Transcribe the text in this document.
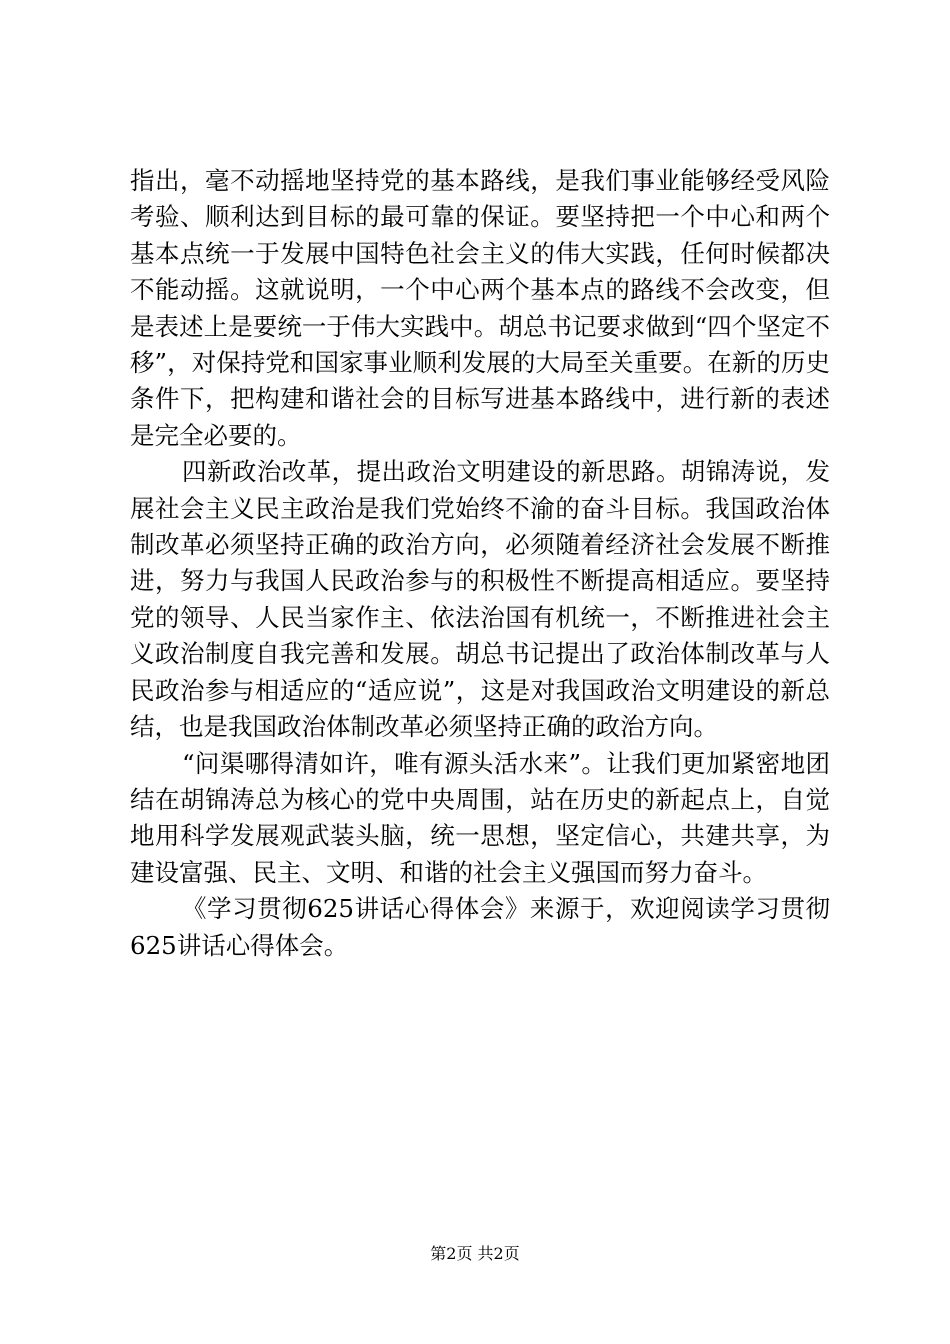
指出，毫不动摇地坚持党的基本路线，是我们事业能够经受风险考验、顺利达到目标的最可靠的保证。要坚持把一个中心和两个基本点统一于发展中国特色社会主义的伟大实践，任何时候都决不能动摇。这就说明，一个中心两个基本点的路线不会改变，但是表述上是要统一于伟大实践中。胡总书记要求做到“四个坚定不移”，对保持党和国家事业顺利发展的大局至关重要。在新的历史条件下，把构建和谐社会的目标写进基本路线中，进行新的表述是完全必要的。

四新政治改革，提出政治文明建设的新思路。胡锦涛说，发展社会主义民主政治是我们党始终不渝的奋斗目标。我国政治体制改革必须坚持正确的政治方向，必须随着经济社会发展不断推进，努力与我国人民政治参与的积极性不断提高相适应。要坚持党的领导、人民当家作主、依法治国有机统一，不断推进社会主义政治制度自我完善和发展。胡总书记提出了政治体制改革与人民政治参与相适应的“适应说”，这是对我国政治文明建设的新总结，也是我国政治体制改革必须坚持正确的政治方向。

“问渠哪得清如许，唯有源头活水来”。让我们更加紧密地团结在胡锦涛总为核心的党中央周围，站在历史的新起点上，自觉地用科学发展观武装头脑，统一思想，坚定信心，共建共享，为建设富强、民主、文明、和谐的社会主义强国而努力奋斗。

《学习贯彻625讲话心得体会》来源于，欢迎阅读学习贯彻625讲话心得体会。

第2页 共2页
